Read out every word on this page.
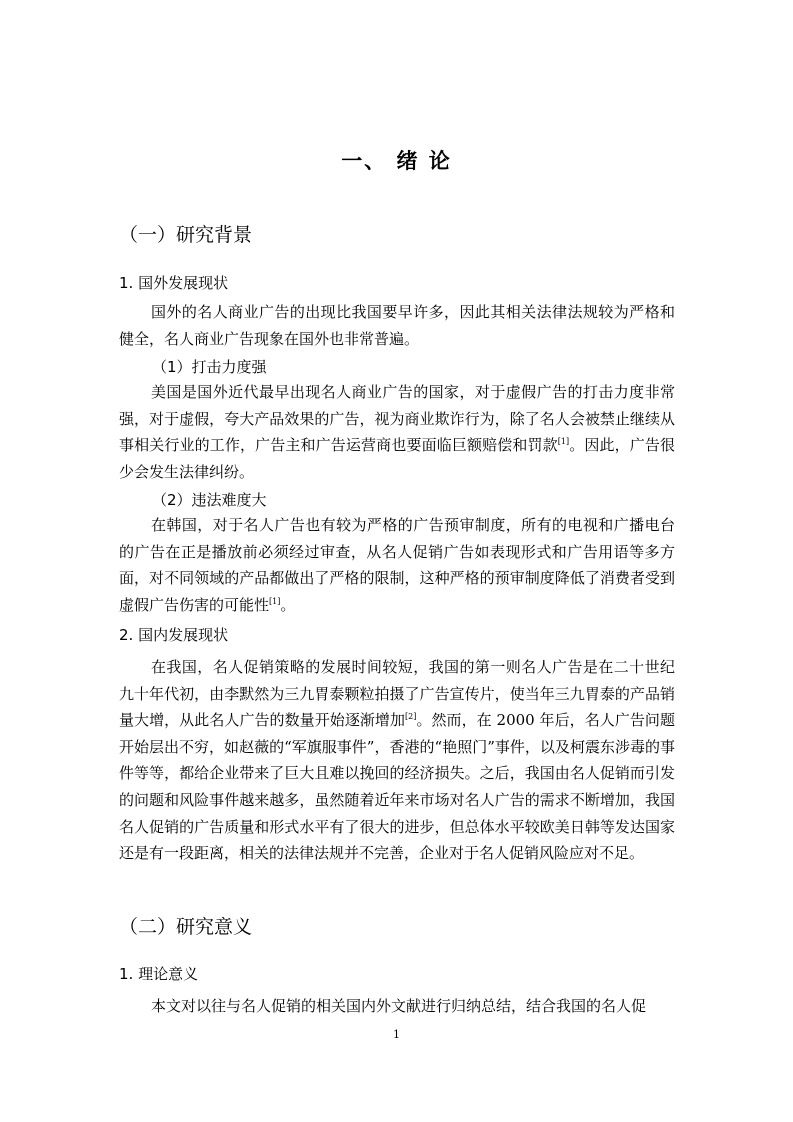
一、 绪 论
（一）研究背景
1. 国外发展现状

国外的名人商业广告的出现比我国要早许多，因此其相关法律法规较为严格和健全，名人商业广告现象在国外也非常普遍。

（1）打击力度强

美国是国外近代最早出现名人商业广告的国家，对于虚假广告的打击力度非常强，对于虚假，夸大产品效果的广告，视为商业欺诈行为，除了名人会被禁止继续从事相关行业的工作，广告主和广告运营商也要面临巨额赔偿和罚款[1]。因此，广告很少会发生法律纠纷。

（2）违法难度大

在韩国，对于名人广告也有较为严格的广告预审制度，所有的电视和广播电台的广告在正是播放前必须经过审查，从名人促销广告如表现形式和广告用语等多方面，对不同领域的产品都做出了严格的限制，这种严格的预审制度降低了消费者受到虚假广告伤害的可能性[1]。

2. 国内发展现状

在我国，名人促销策略的发展时间较短，我国的第一则名人广告是在二十世纪九十年代初，由李默然为三九胃泰颗粒拍摄了广告宣传片，使当年三九胃泰的产品销量大增，从此名人广告的数量开始逐渐增加[2]。然而，在 2000 年后，名人广告问题开始层出不穷，如赵薇的“军旗服事件”，香港的“艳照门”事件，以及柯震东涉毒的事件等等，都给企业带来了巨大且难以挽回的经济损失。之后，我国由名人促销而引发的问题和风险事件越来越多，虽然随着近年来市场对名人广告的需求不断增加，我国名人促销的广告质量和形式水平有了很大的进步，但总体水平较欧美日韩等发达国家还是有一段距离，相关的法律法规并不完善，企业对于名人促销风险应对不足。

（二）研究意义
1. 理论意义

本文对以往与名人促销的相关国内外文献进行归纳总结，结合我国的名人促

1
